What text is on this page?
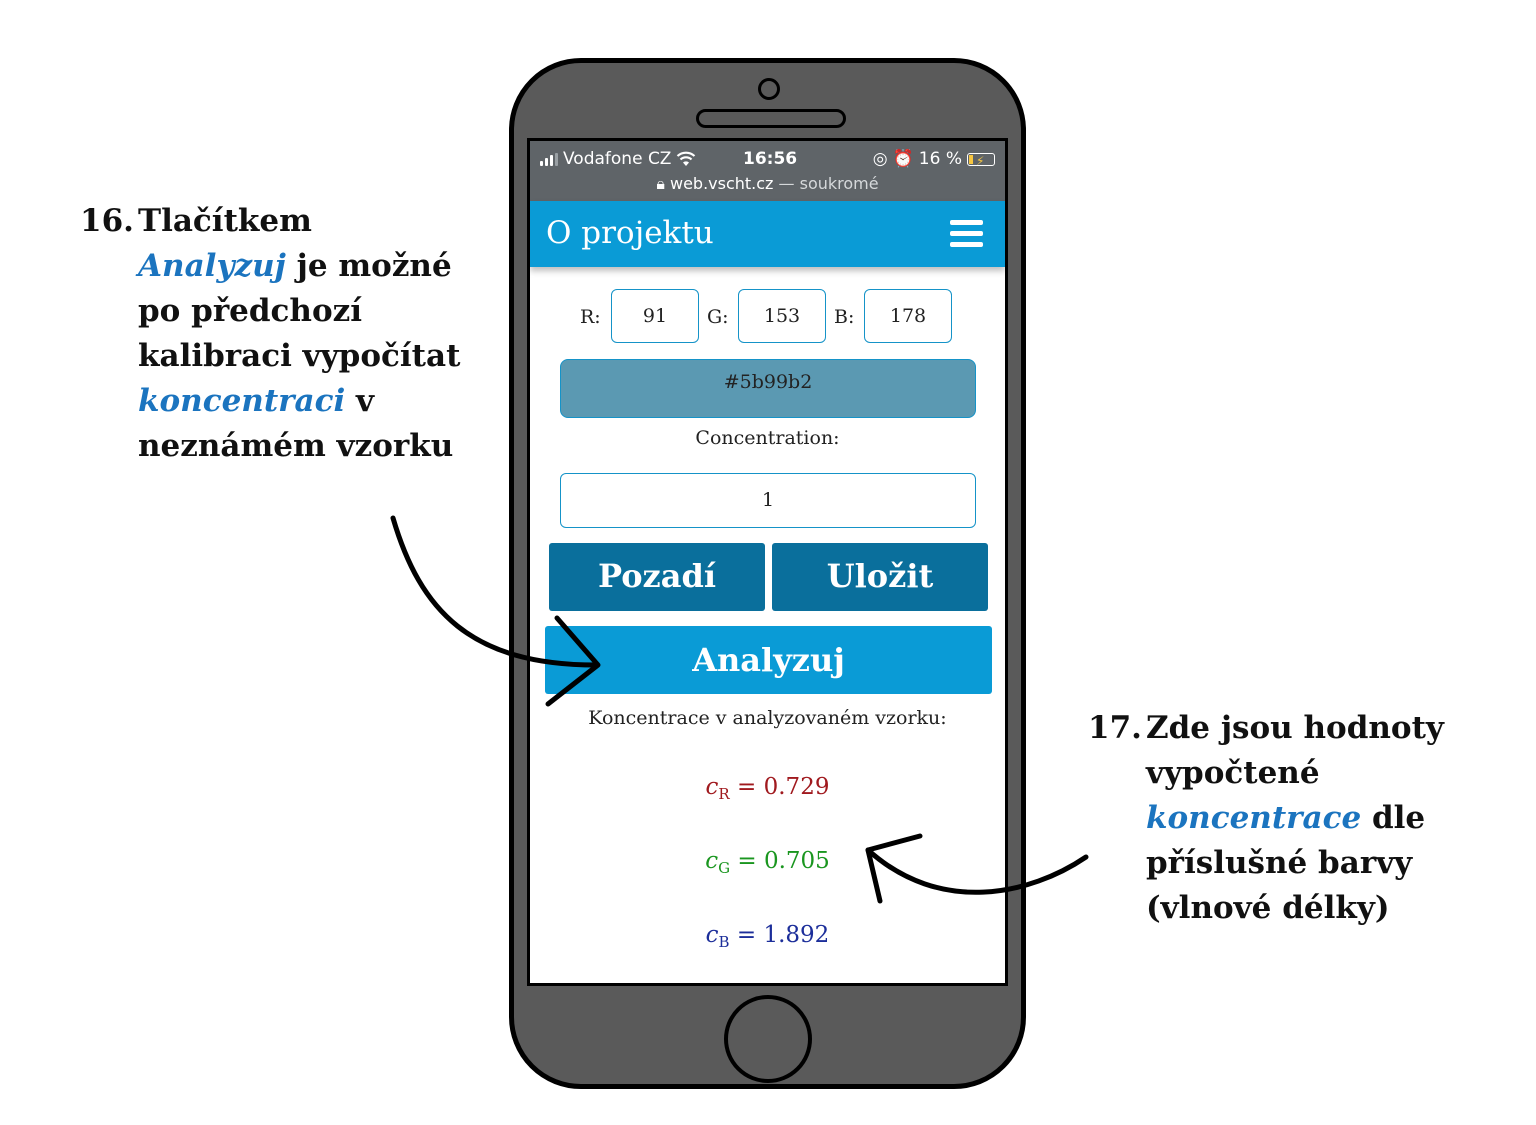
16. Tlačítkem
Analyzuj je možné
po předchozí
kalibraci vypočítat
koncentraci v
neznámém vzorku
17. Zde jsou hodnoty
vypočtené
koncentrace dle
příslušné barvy
(vlnové délky)
Vodafone CZ	16:56	◎ ⏰ 16 % ⚡
🔒︎ web.vscht.cz — soukromé
O projektu
R:	91	G:	153	B:	178
#5b99b2
Concentration:
1
Pozadí	Uložit
Analyzuj
Koncentrace v analyzovaném vzorku:
$c_R = 0.729$
$c_G = 0.705$
$c_B = 1.892$
